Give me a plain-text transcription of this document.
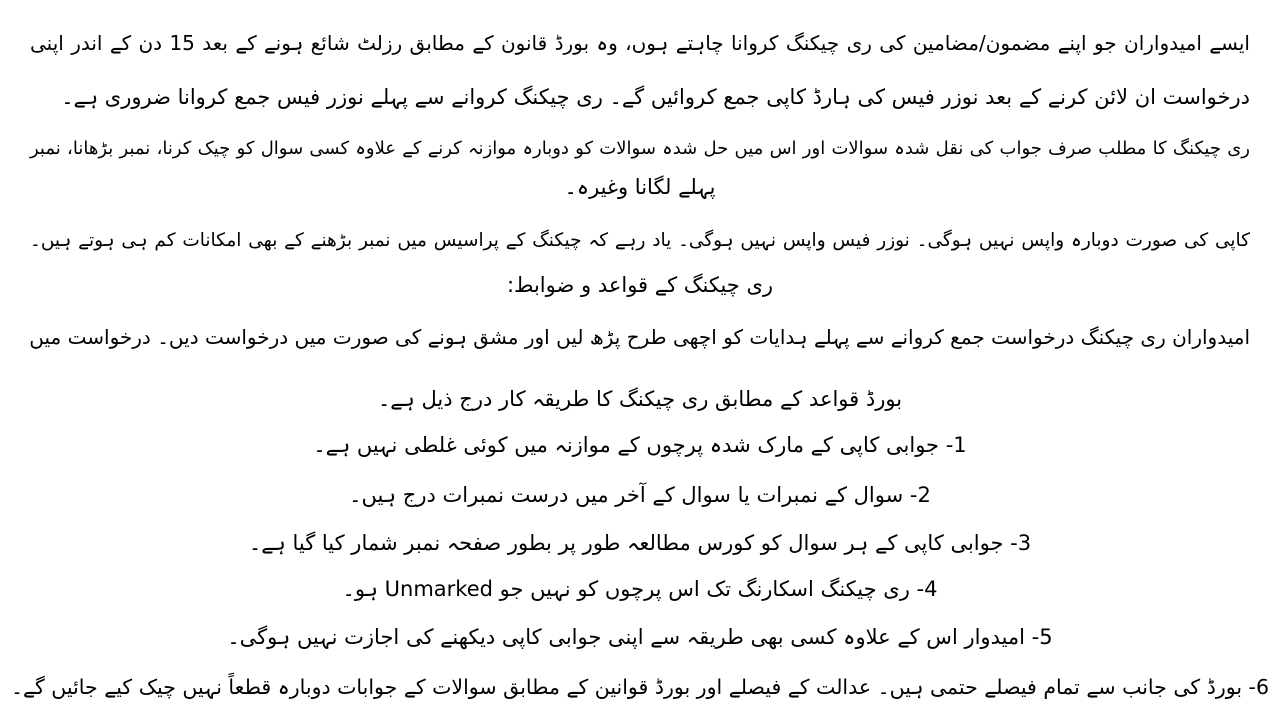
ایسے امیدواران جو اپنے مضمون/مضامین کی ری چیکنگ کروانا چاہتے ہوں، وہ بورڈ قانون کے مطابق رزلٹ شائع ہونے کے بعد 15 دن کے اندر اپنی
درخواست ان لائن کرنے کے بعد نوزر فیس کی ہارڈ کاپی جمع کروائیں گے۔ ری چیکنگ کروانے سے پہلے نوزر فیس جمع کروانا ضروری ہے۔
ری چیکنگ کا مطلب صرف جواب کی نقل شدہ سوالات اور اس میں حل شدہ سوالات کو دوبارہ موازنہ کرنے کے علاوہ کسی سوال کو چیک کرنا، نمبر بڑھانا، نمبر
پہلے لگانا وغیرہ۔
کاپی کی صورت دوبارہ واپس نہیں ہوگی۔ نوزر فیس واپس نہیں ہوگی۔ یاد رہے کہ چیکنگ کے پراسیس میں نمبر بڑھنے کے بھی امکانات کم ہی ہوتے ہیں۔
ری چیکنگ کے قواعد و ضوابط:
امیدواران ری چیکنگ درخواست جمع کروانے سے پہلے ہدایات کو اچھی طرح پڑھ لیں اور مشق ہونے کی صورت میں درخواست دیں۔ درخواست میں
بورڈ قواعد کے مطابق ری چیکنگ کا طریقہ کار درج ذیل ہے۔
1- جوابی کاپی کے مارک شدہ پرچوں کے موازنہ میں کوئی غلطی نہیں ہے۔
2- سوال کے نمبرات یا سوال کے آخر میں درست نمبرات درج ہیں۔
3- جوابی کاپی کے ہر سوال کو کورس مطالعہ طور پر بطور صفحہ نمبر شمار کیا گیا ہے۔
4- ری چیکنگ اسکارنگ تک اس پرچوں کو نہیں جو Unmarked ہو۔
5- امیدوار اس کے علاوہ کسی بھی طریقہ سے اپنی جوابی کاپی دیکھنے کی اجازت نہیں ہوگی۔
6- بورڈ کی جانب سے تمام فیصلے حتمی ہیں۔ عدالت کے فیصلے اور بورڈ قوانین کے مطابق سوالات کے جوابات دوبارہ قطعاً نہیں چیک کیے جائیں گے۔
